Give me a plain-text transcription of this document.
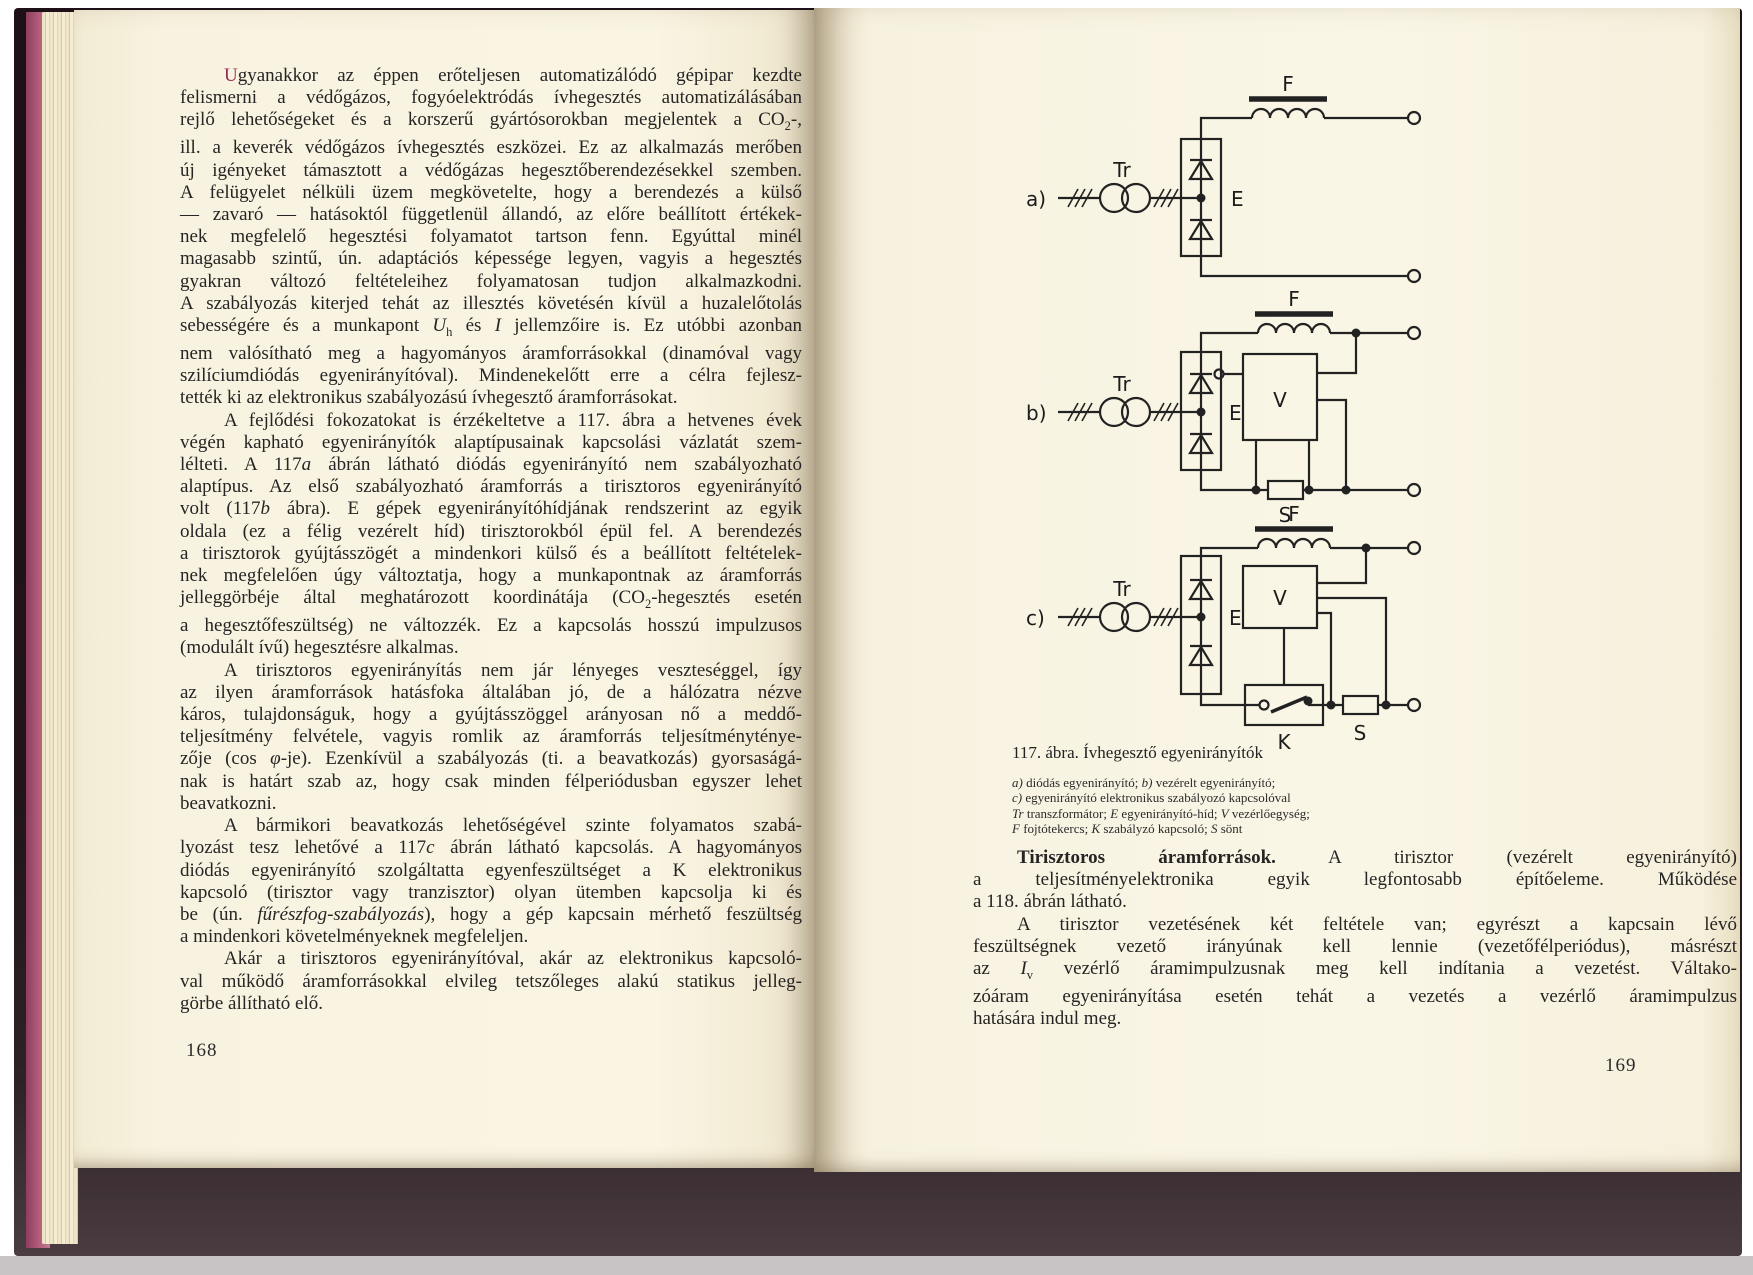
Ugyanakkor az éppen erőteljesen automatizálódó gépipar kezdte
felismerni a védőgázos, fogyóelektródás ívhegesztés automatizálásában
rejlő lehetőségeket és a korszerű gyártósorokban megjelentek a $CO_2-$,
ill. a keverék védőgázos ívhegesztés eszközei. Ez az alkalmazás merőben
új igényeket támasztott a védőgázas hegesztőberendezésekkel szemben.
A felügyelet nélküli üzem megkövetelte, hogy a berendezés a külső
— zavaró — hatásoktól függetlenül állandó, az előre beállított értékek-
nek megfelelő hegesztési folyamatot tartson fenn. Egyúttal minél
magasabb szintű, ún. adaptációs képessége legyen, vagyis a hegesztés
gyakran változó feltételeihez folyamatosan tudjon alkalmazkodni.
A szabályozás kiterjed tehát az illesztés követésén kívül a huzalelőtolás
sebességére és a munkapont $U_h$ és I jellemzőire is. Ez utóbbi azonban
nem valósítható meg a hagyományos áramforrásokkal (dinamóval vagy
szilíciumdiódás egyenirányítóval). Mindenekelőtt erre a célra fejlesz-
tették ki az elektronikus szabályozású ívhegesztő áramforrásokat.
A fejlődési fokozatokat is érzékeltetve a 117. ábra a hetvenes évek
végén kapható egyenirányítók alaptípusainak kapcsolási vázlatát szem-
lélteti. A 117a ábrán látható diódás egyenirányító nem szabályozható
alaptípus. Az első szabályozható áramforrás a tirisztoros egyenirányító
volt (117b ábra). E gépek egyenirányítóhídjának rendszerint az egyik
oldala (ez a félig vezérelt híd) tirisztorokból épül fel. A berendezés
a tirisztorok gyújtásszögét a mindenkori külső és a beállított feltételek-
nek megfelelően úgy változtatja, hogy a munkapontnak az áramforrás
jelleggörbéje által meghatározott koordinátája ($CO_2$-hegesztés esetén
a hegesztőfeszültség) ne változzék. Ez a kapcsolás hosszú impulzusos
(modulált ívű) hegesztésre alkalmas.
A tirisztoros egyenirányítás nem jár lényeges veszteséggel, így
az ilyen áramforrások hatásfoka általában jó, de a hálózatra nézve
káros, tulajdonságuk, hogy a gyújtásszöggel arányosan nő a meddő-
teljesítmény felvétele, vagyis romlik az áramforrás teljesítményténye-
zője (cos φ-je). Ezenkívül a szabályozás (ti. a beavatkozás) gyorsaságá-
nak is határt szab az, hogy csak minden félperiódusban egyszer lehet
beavatkozni.
A bármikori beavatkozás lehetőségével szinte folyamatos szabá-
lyozást tesz lehetővé a 117c ábrán látható kapcsolás. A hagyományos
diódás egyenirányító szolgáltatta egyenfeszültséget a K elektronikus
kapcsoló (tirisztor vagy tranzisztor) olyan ütemben kapcsolja ki és
be (ún. fűrészfog-szabályozás), hogy a gép kapcsain mérhető feszültség
a mindenkori követelményeknek megfeleljen.
Akár a tirisztoros egyenirányítóval, akár az elektronikus kapcsoló-
val működő áramforrásokkal elvileg tetszőleges alakú statikus jelleg-
görbe állítható elő.
168
a)
Tr
E
F
b)
Tr
E
V
F
S
c)
Tr
E
V
F
K	S
117. ábra. Ívhegesztő egyenirányítók
a) diódás egyenirányító; b) vezérelt egyenirányító;
c) egyenirányító elektronikus szabályozó kapcsolóval
Tr transzformátor; E egyenirányító-híd; V vezérlőegység;
F fojtótekercs; K szabályzó kapcsoló; S sönt
Tirisztoros áramforrások. A tirisztor (vezérelt egyenirányító)
a teljesítményelektronika egyik legfontosabb építőeleme. Működése
a 118. ábrán látható.
A tirisztor vezetésének két feltétele van; egyrészt a kapcsain lévő
feszültségnek vezető irányúnak kell lennie (vezetőfélperiódus), másrészt
az $I_v$ vezérlő áramimpulzusnak meg kell indítania a vezetést. Váltako-
zóáram egyenirányítása esetén tehát a vezetés a vezérlő áramimpulzus
hatására indul meg.
169
